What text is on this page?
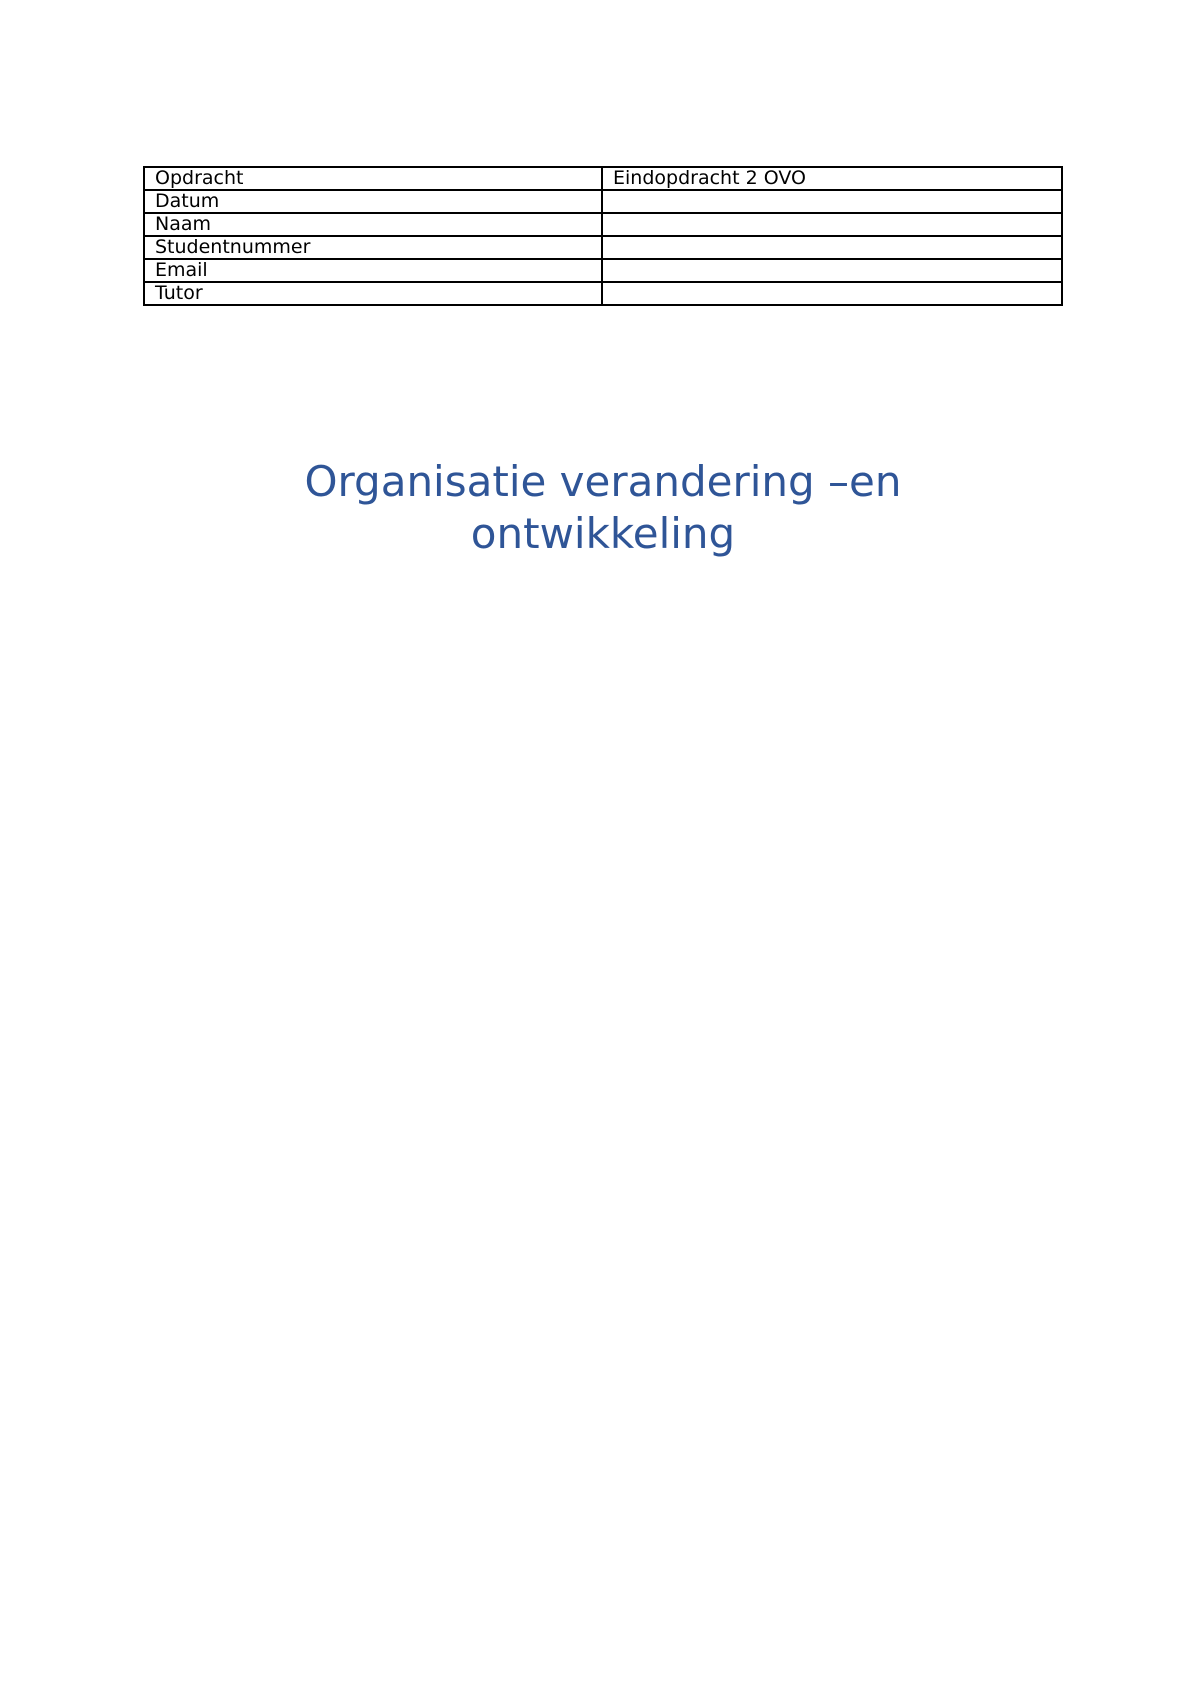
Opdracht	Eindopdracht 2 OVO
Datum	
Naam	
Studentnummer	
Email	
Tutor	
Organisatie verandering –en
ontwikkeling
